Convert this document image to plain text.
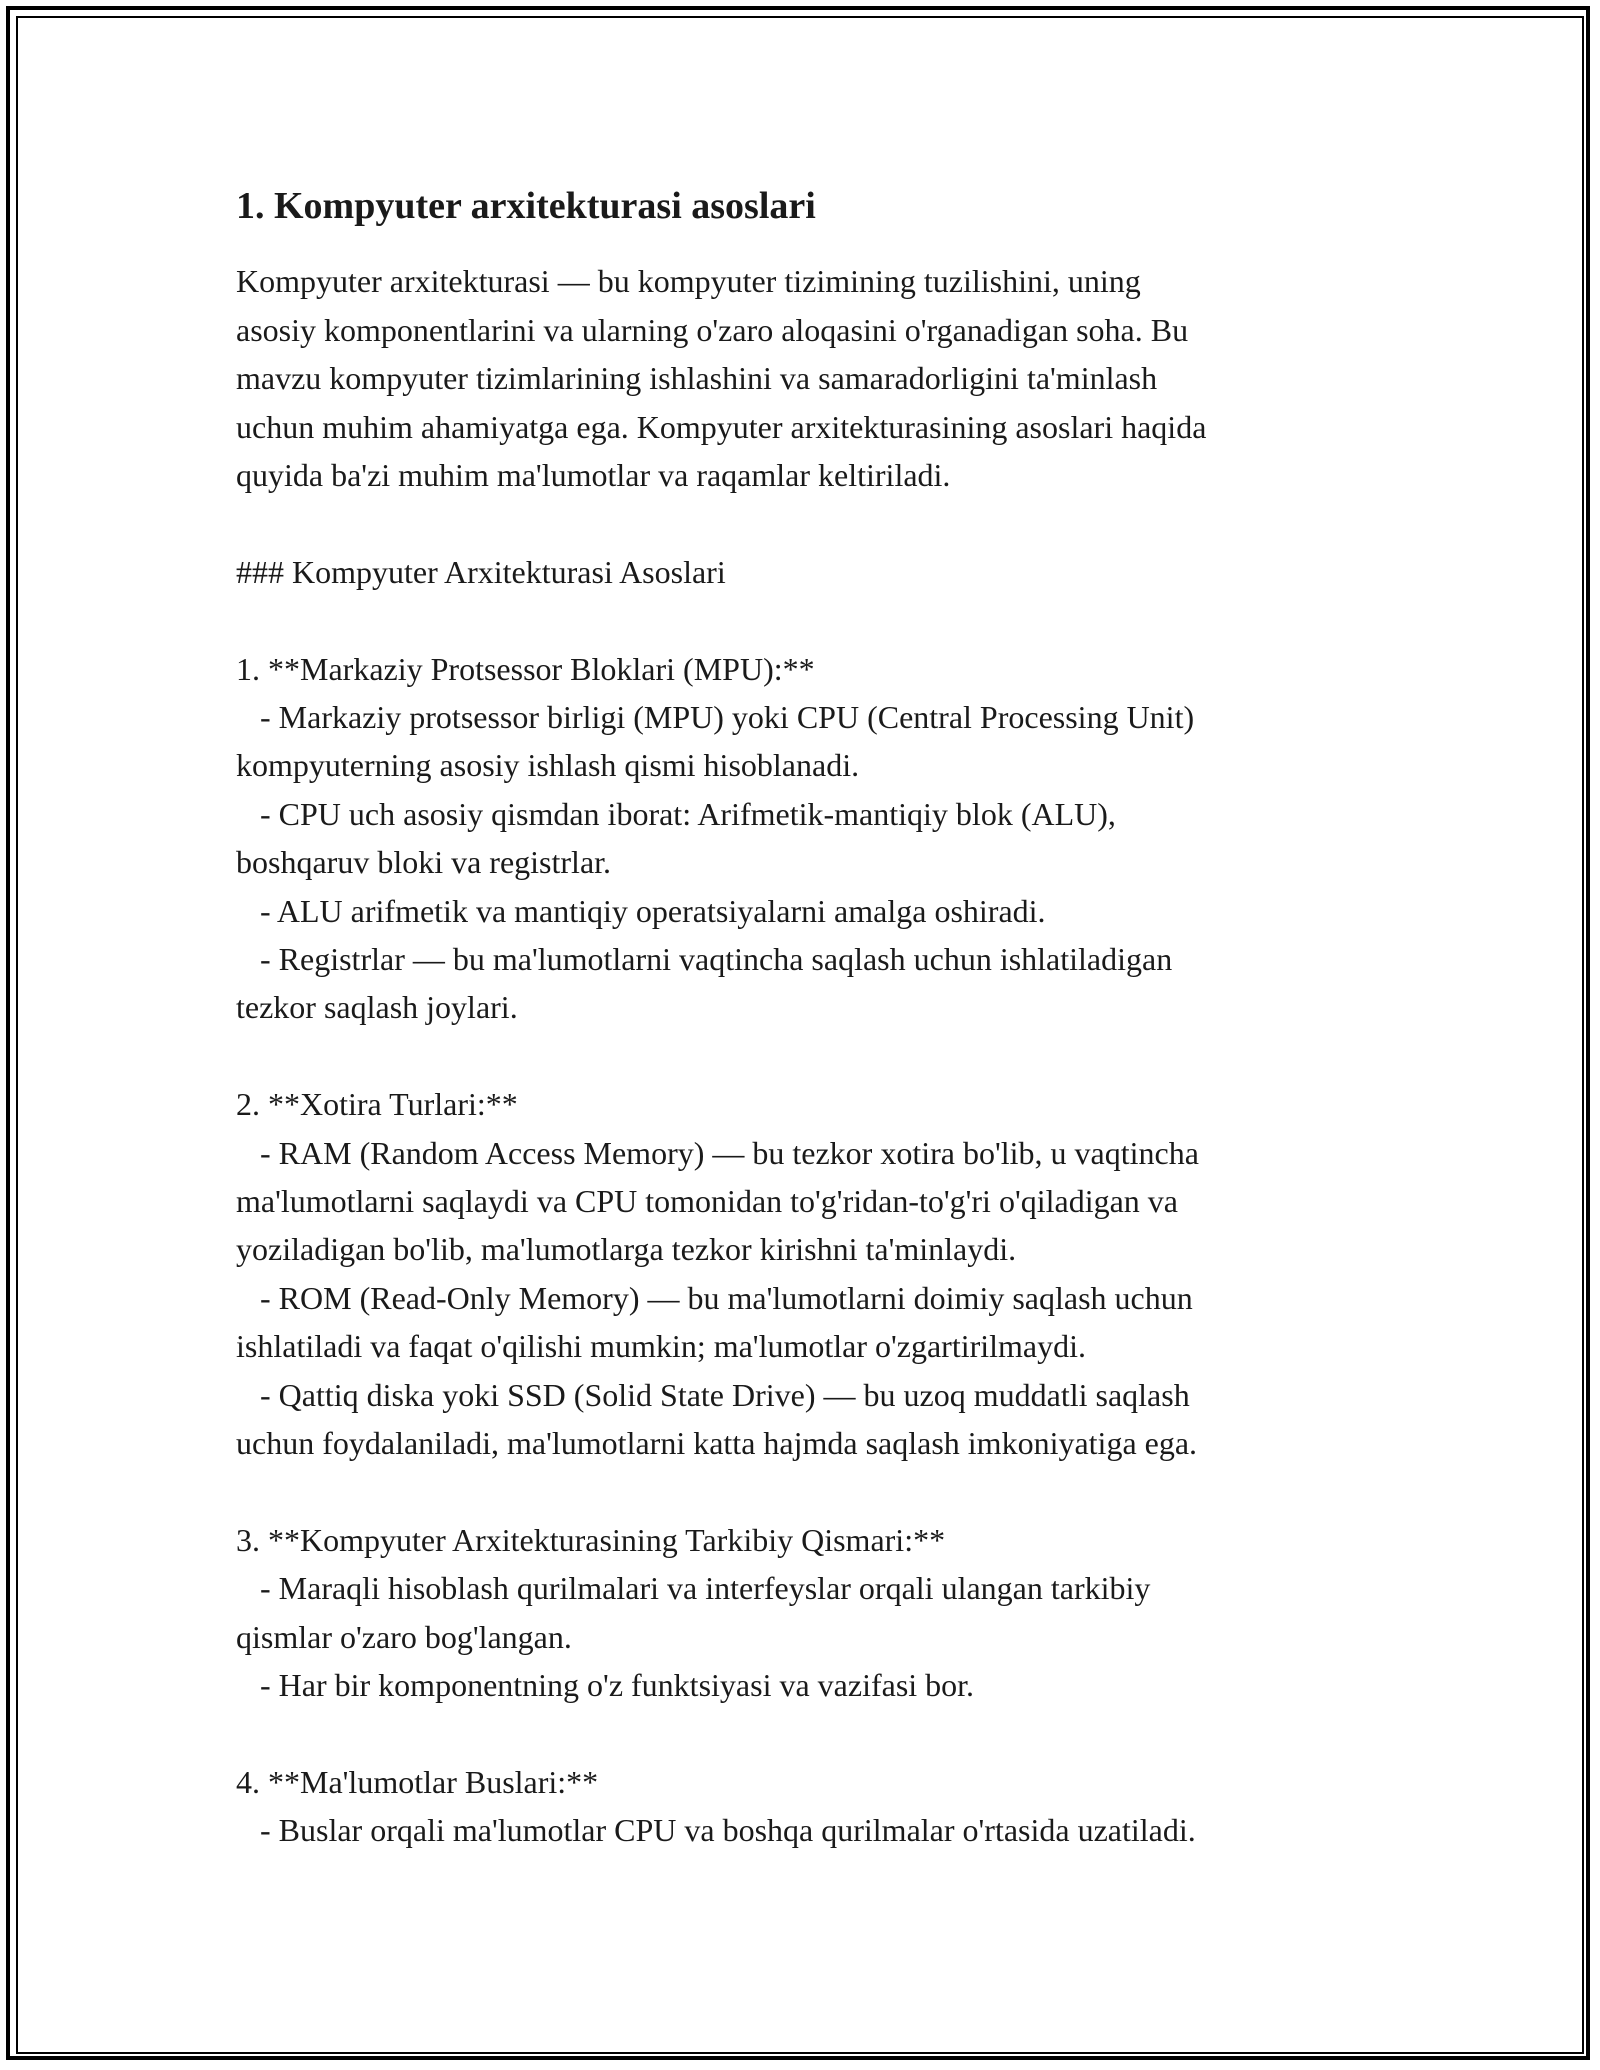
1. Kompyuter arxitekturasi asoslari

Kompyuter arxitekturasi — bu kompyuter tizimining tuzilishini, uning
asosiy komponentlarini va ularning o'zaro aloqasini o'rganadigan soha. Bu
mavzu kompyuter tizimlarining ishlashini va samaradorligini ta'minlash
uchun muhim ahamiyatga ega. Kompyuter arxitekturasining asoslari haqida
quyida ba'zi muhim ma'lumotlar va raqamlar keltiriladi.

### Kompyuter Arxitekturasi Asoslari

1. **Markaziy Protsessor Bloklari (MPU):**

- Markaziy protsessor birligi (MPU) yoki CPU (Central Processing Unit)
kompyuterning asosiy ishlash qismi hisoblanadi.
- CPU uch asosiy qismdan iborat: Arifmetik-mantiqiy blok (ALU),
boshqaruv bloki va registrlar.
- ALU arifmetik va mantiqiy operatsiyalarni amalga oshiradi.
- Registrlar — bu ma'lumotlarni vaqtincha saqlash uchun ishlatiladigan
tezkor saqlash joylari.

2. **Xotira Turlari:**

- RAM (Random Access Memory) — bu tezkor xotira bo'lib, u vaqtincha
ma'lumotlarni saqlaydi va CPU tomonidan to'g'ridan-to'g'ri o'qiladigan va
yoziladigan bo'lib, ma'lumotlarga tezkor kirishni ta'minlaydi.
- ROM (Read-Only Memory) — bu ma'lumotlarni doimiy saqlash uchun
ishlatiladi va faqat o'qilishi mumkin; ma'lumotlar o'zgartirilmaydi.
- Qattiq diska yoki SSD (Solid State Drive) — bu uzoq muddatli saqlash
uchun foydalaniladi, ma'lumotlarni katta hajmda saqlash imkoniyatiga ega.

3. **Kompyuter Arxitekturasining Tarkibiy Qismari:**

- Maraqli hisoblash qurilmalari va interfeyslar orqali ulangan tarkibiy
qismlar o'zaro bog'langan.
- Har bir komponentning o'z funktsiyasi va vazifasi bor.

4. **Ma'lumotlar Buslari:**

- Buslar orqali ma'lumotlar CPU va boshqa qurilmalar o'rtasida uzatiladi.
